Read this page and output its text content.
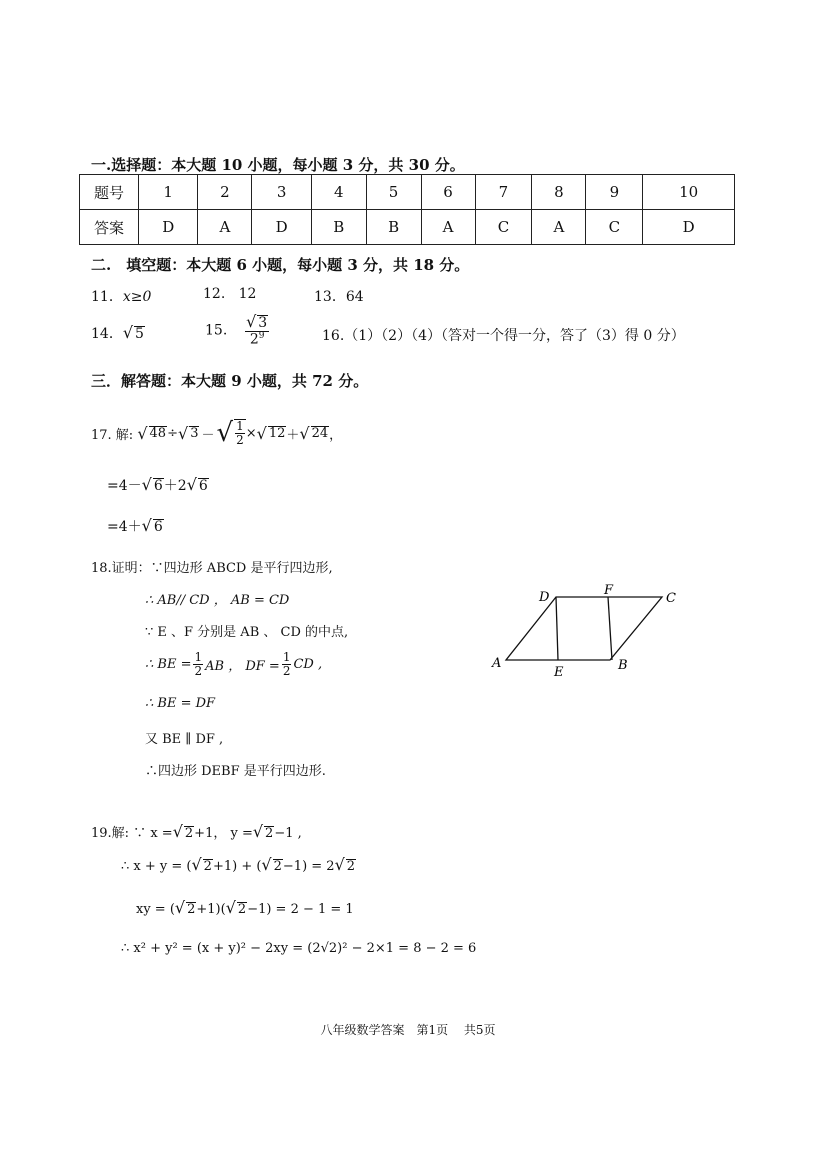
一.选择题：本大题 10 小题，每小题 3 分，共 30 分。
题号	1	2	3	4	5	6	7	8	9	10
答案	D	A	D	B	B	A	C	A	C	D
二.　填空题：本大题 6 小题，每小题 3 分，共 18 分。
11．x≥0	12. 12	13．64
14．√ 5	15. $\frac{√ 3}{2^9}$	16.（1）（2）（4）（答对一个得一分，答了（3）得 0 分）
三．解答题：本大题 9 小题，共 72 分。
17. 解:
√ 48 ÷ √ 3 － √ $\frac{1}{2}$ × √ 12 ＋ √ 24 ，
=4－√ 6＋2√ 6
=4＋√ 6
18.证明：∵四边形 ABCD 是平行四边形,
∴ AB// CD ， AB = CD
∵ E 、F 分别是 AB 、 CD 的中点,
∴ BE = $\frac{1}{2}$ AB ， DF = $\frac{1}{2}$ CD ,
∴ BE = DF
又 BE ∥ DF ,
∴四边形 DEBF 是平行四边形.
A	B
C
D
E
F
19.解: ∵ x =√ 2+1， y =√ 2−1 ,
∴ x + y = (√ 2+1) + (√ 2−1) = 2√ 2
xy = (√ 2+1)(√ 2−1) = 2 − 1 = 1
∴ x² + y² = (x + y)² − 2xy = (2√2)² − 2×1 = 8 − 2 = 6
八年级数学答案　第1页　 共5页
